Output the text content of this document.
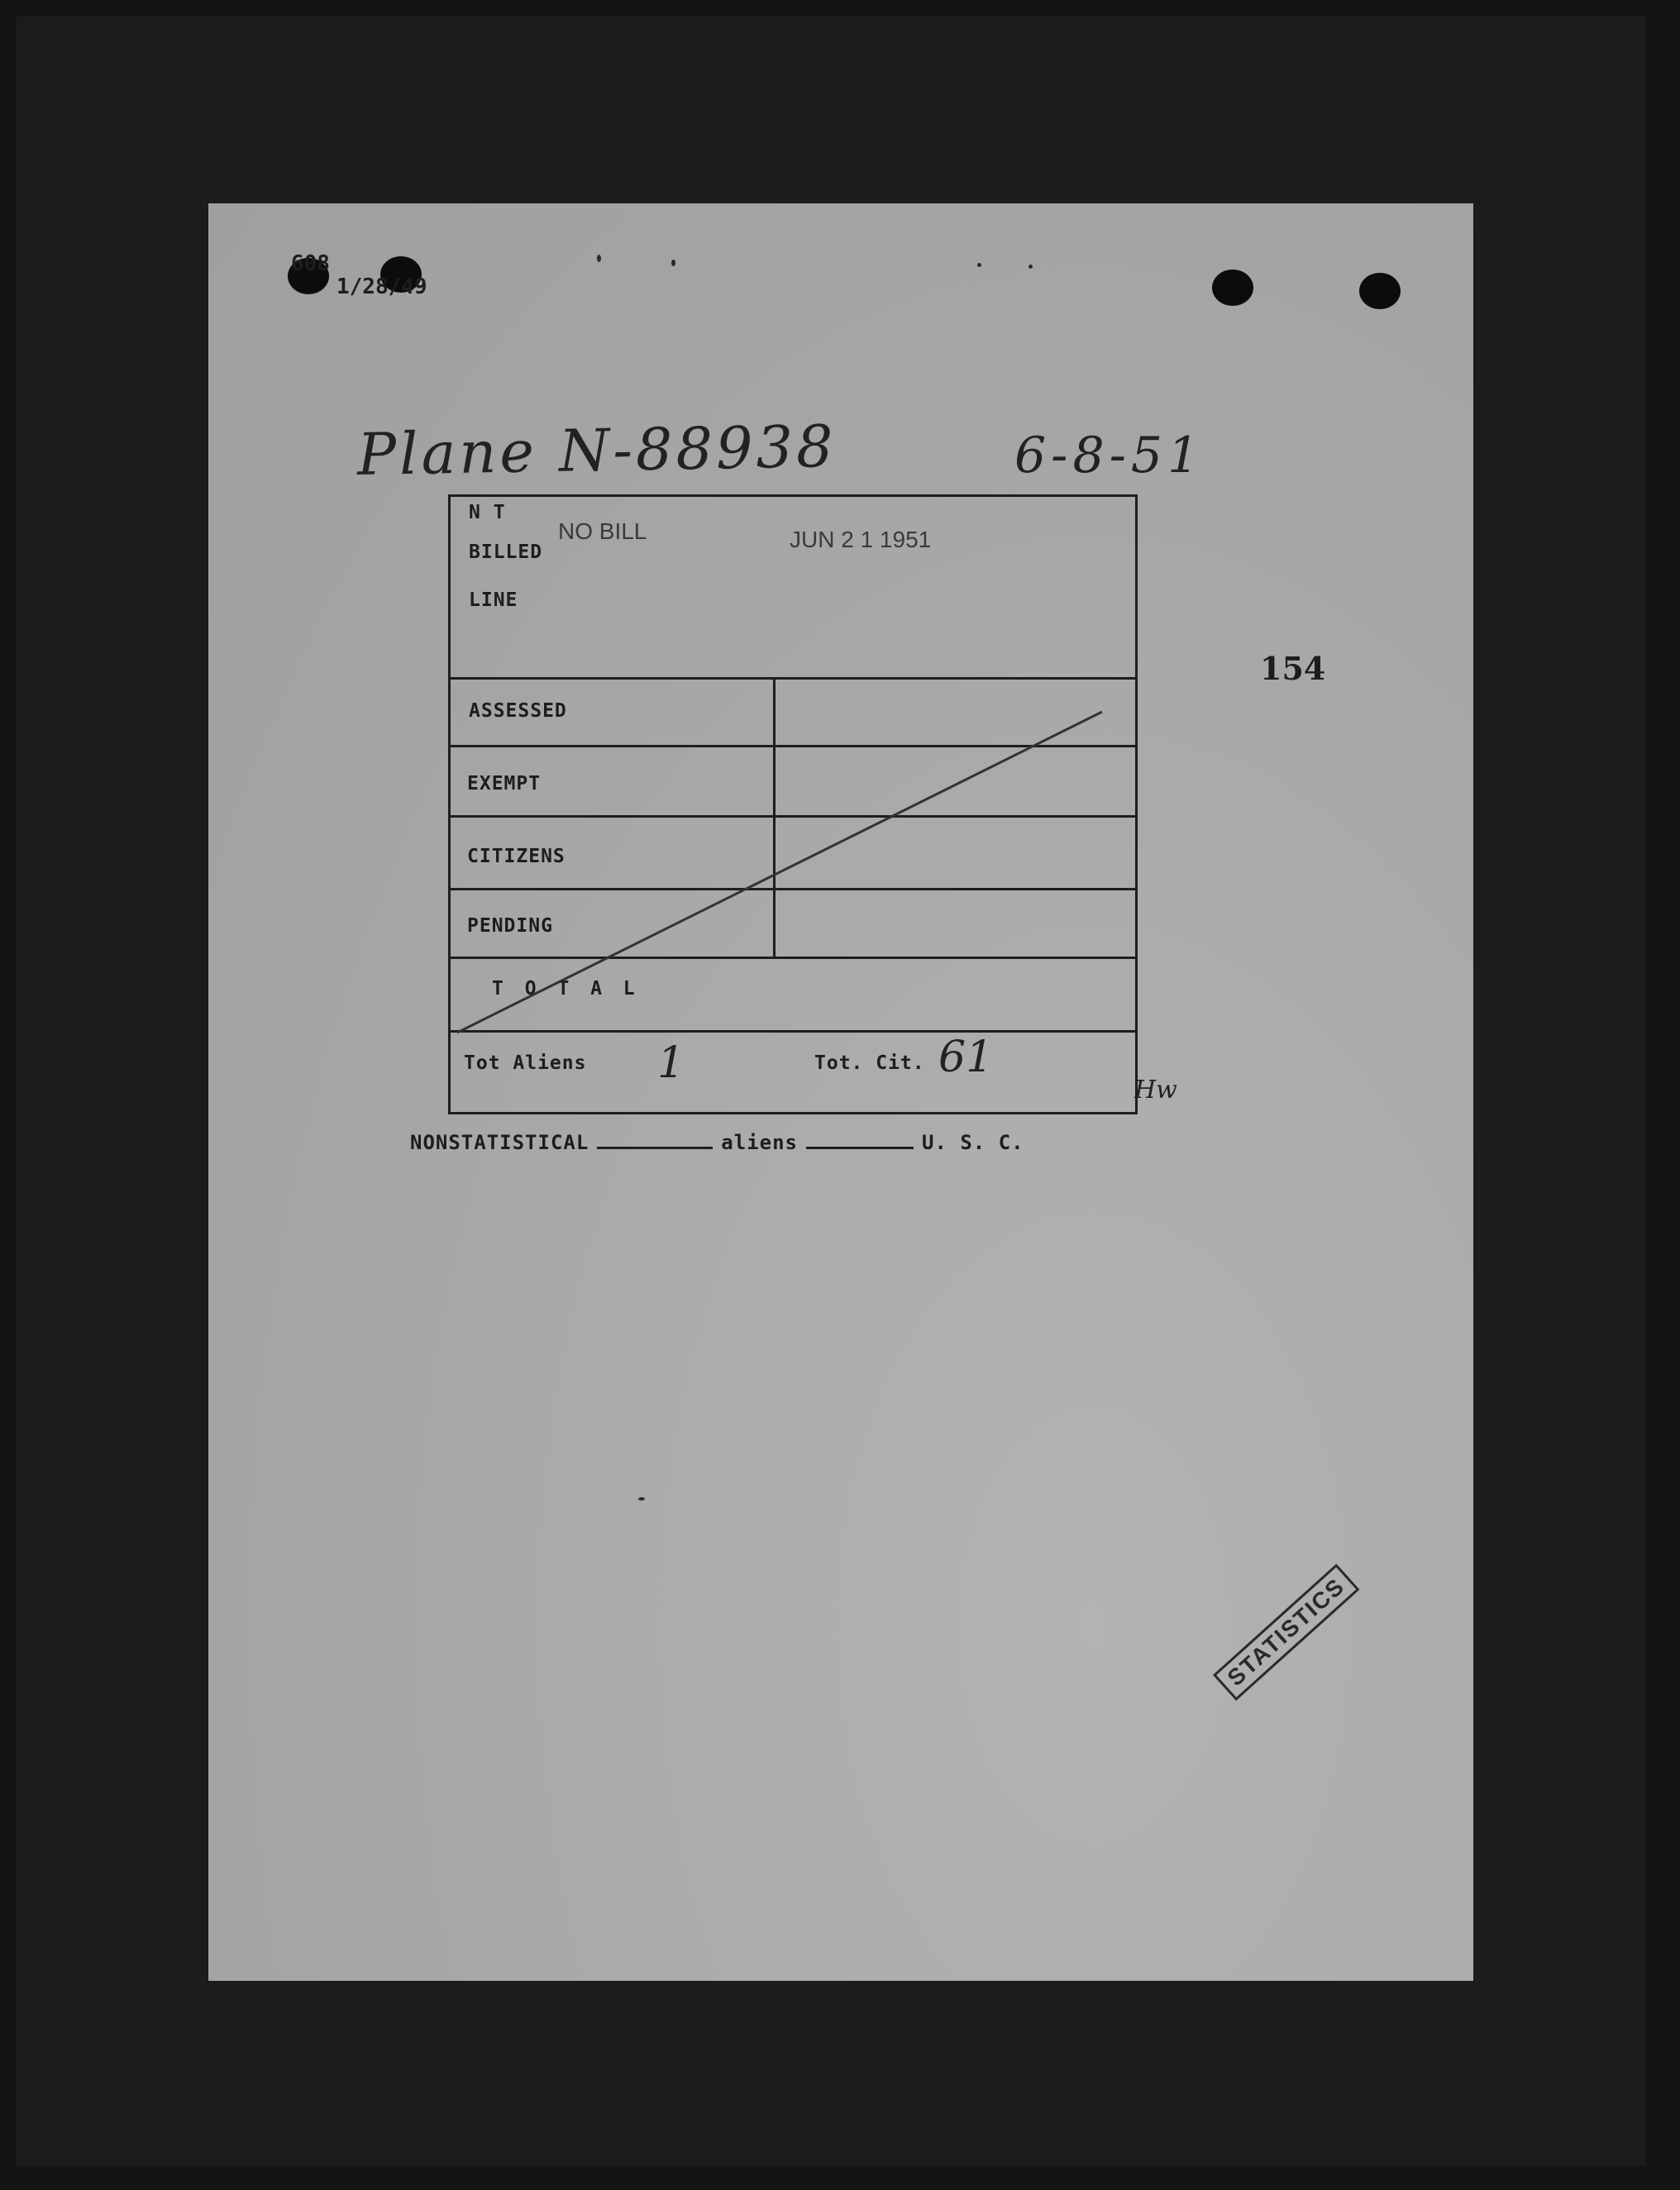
608
1/28/49
Plane N-88938	6-8-51
154
N T
BILLED
LINE
NO BILL	JUN 2 1 1951
ASSESSED
EXEMPT
CITIZENS
PENDING
T O T A L
Tot Aliens 1	Tot. Cit. 61
Hw
NONSTATISTICAL	aliens	U. S. C.
STATISTICS
